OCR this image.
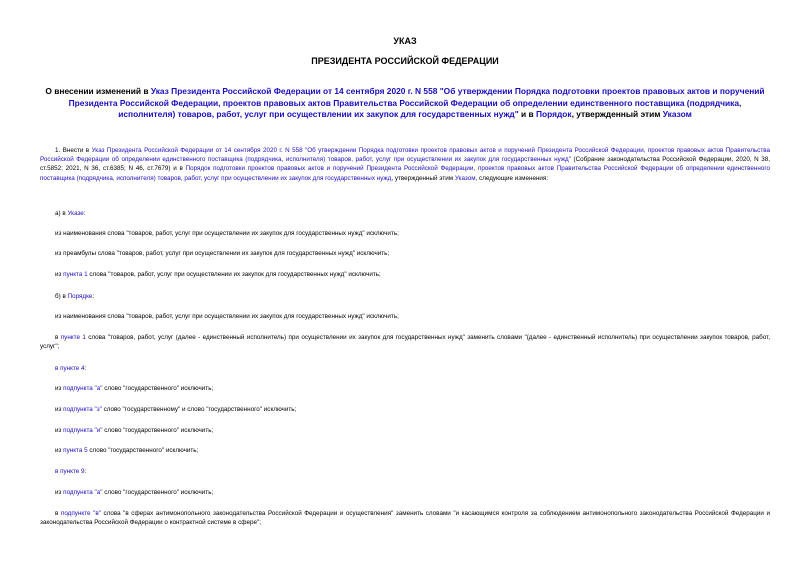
УКАЗ
ПРЕЗИДЕНТА РОССИЙСКОЙ ФЕДЕРАЦИИ
О внесении изменений в Указ Президента Российской Федерации от 14 сентября 2020 г. N 558 "Об утверждении Порядка подготовки проектов правовых актов и поручений Президента Российской Федерации, проектов правовых актов Правительства Российской Федерации об определении единственного поставщика (подрядчика, исполнителя) товаров, работ, услуг при осуществлении их закупок для государственных нужд" и в Порядок, утвержденный этим Указом

1. Внести в Указ Президента Российской Федерации от 14 сентября 2020 г. N 558 "Об утверждении Порядка подготовки проектов правовых актов и поручений Президента Российской Федерации, проектов правовых актов Правительства Российской Федерации об определении единственного поставщика (подрядчика, исполнителя) товаров, работ, услуг при осуществлении их закупок для государственных нужд" (Собрание законодательства Российской Федерации, 2020, N 38, ст.5852; 2021, N 36, ст.6385; N 46, ст.7679) и в Порядок подготовки проектов правовых актов и поручений Президента Российской Федерации, проектов правовых актов Правительства Российской Федерации об определении единственного поставщика (подрядчика, исполнителя) товаров, работ, услуг при осуществлении их закупок для государственных нужд, утвержденный этим Указом, следующие изменения:

а) в Указе:

из наименования слова "товаров, работ, услуг при осуществлении их закупок для государственных нужд" исключить;

из преамбулы слова "товаров, работ, услуг при осуществлении их закупок для государственных нужд" исключить;

из пункта 1 слова "товаров, работ, услуг при осуществлении их закупок для государственных нужд" исключить;

б) в Порядке:

из наименования слова "товаров, работ, услуг при осуществлении их закупок для государственных нужд" исключить;

в пункте 1 слова "товаров, работ, услуг (далее - единственный исполнитель) при осуществлении их закупок для государственных нужд" заменить словами "(далее - единственный исполнитель) при осуществлении закупок товаров, работ, услуг";

в пункте 4:

из подпункта "а" слово "государственного" исключить;

из подпункта "з" слово "государственному" и слово "государственного" исключить;

из подпункта "и" слово "государственного" исключить;

из пункта 5 слово "государственного" исключить;

в пункте 9:

из подпункта "а" слово "государственного" исключить;

в подпункте "в" слова "в сферах антимонопольного законодательства Российской Федерации и осуществления" заменить словами "и касающимся контроля за соблюдением антимонопольного законодательства Российской Федерации и законодательства Российской Федерации о контрактной системе в сфере";
